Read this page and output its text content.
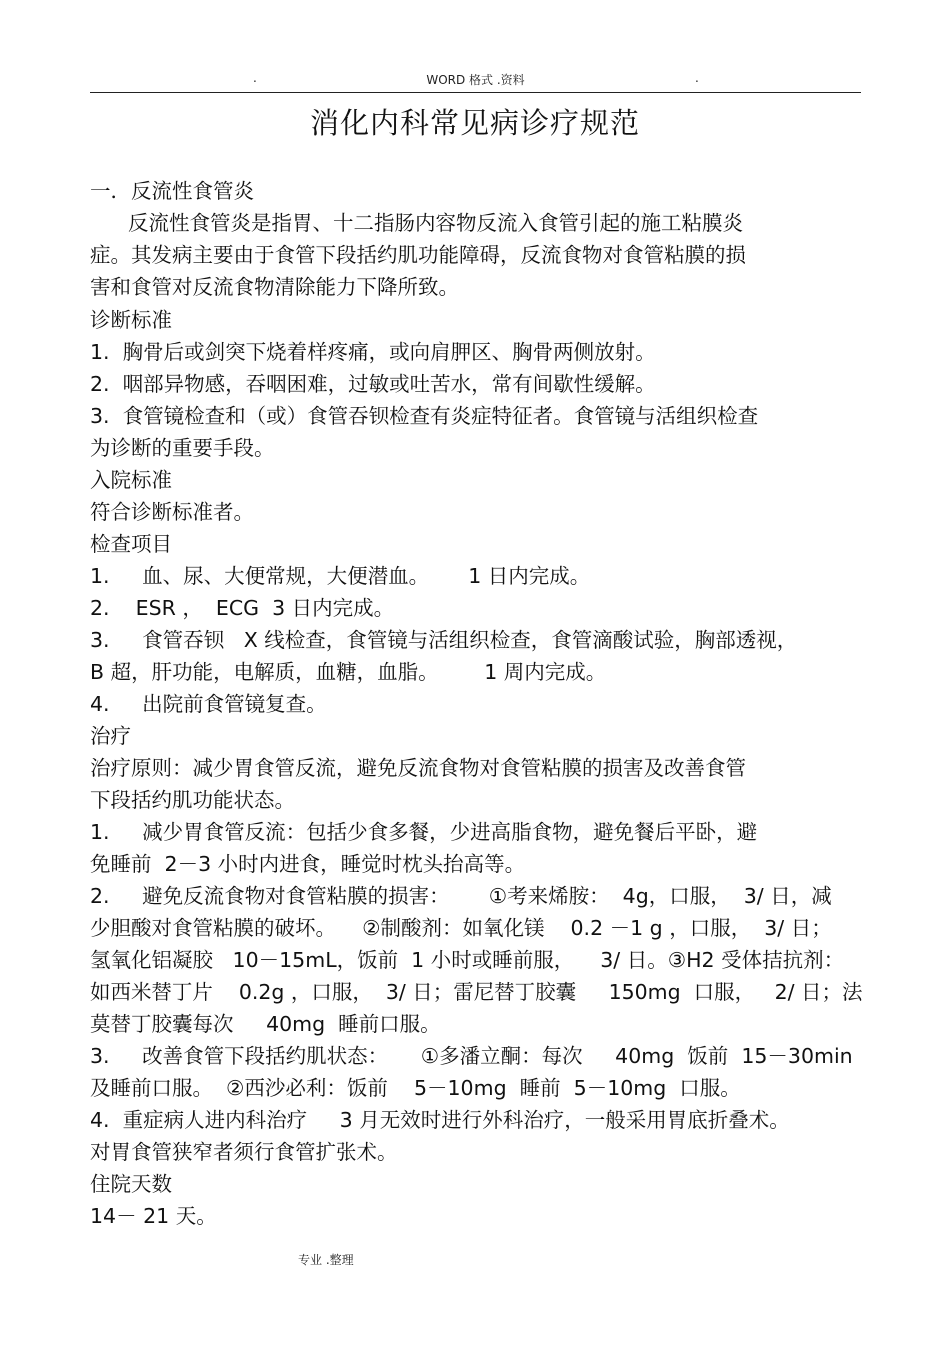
.	WORD 格式 .资料	.
消化内科常见病诊疗规范
一．反流性食管炎
反流性食管炎是指胃、十二指肠内容物反流入食管引起的施工粘膜炎
症。其发病主要由于食管下段括约肌功能障碍，反流食物对食管粘膜的损
害和食管对反流食物清除能力下降所致。
诊断标准
1.  胸骨后或剑突下烧着样疼痛，或向肩胛区、胸骨两侧放射。
2.  咽部异物感，吞咽困难，过敏或吐苦水，常有间歇性缓解。
3.  食管镜检查和（或）食管吞钡检查有炎症特征者。食管镜与活组织检查
为诊断的重要手段。
入院标准
符合诊断标准者。
检查项目
1.     血、尿、大便常规，大便潜血。      1 日内完成。
2.    ESR ，  ECG  3 日内完成。
3.     食管吞钡   X 线检查，食管镜与活组织检查，食管滴酸试验，胸部透视，
B 超，肝功能，电解质，血糖，血脂。       1 周内完成。
4.     出院前食管镜复查。
治疗
治疗原则：减少胃食管反流，避免反流食物对食管粘膜的损害及改善食管
下段括约肌功能状态。
1.     减少胃食管反流：包括少食多餐，少进高脂食物，避免餐后平卧，避
免睡前  2－3 小时内进食，睡觉时枕头抬高等。
2.     避免反流食物对食管粘膜的损害：      ①考来烯胺：  4g，口服，  3/ 日，减
少胆酸对食管粘膜的破坏。    ②制酸剂：如氧化镁    0.2 －1 g ，口服，  3/ 日；
氢氧化铝凝胶   10－15mL，饭前  1 小时或睡前服，    3/ 日。③H2 受体拮抗剂：
如西米替丁片    0.2g ，口服，  3/ 日；雷尼替丁胶囊     150mg  口服，   2/ 日；法
莫替丁胶囊每次     40mg  睡前口服。
3.     改善食管下段括约肌状态：     ①多潘立酮：每次     40mg  饭前  15－30min
及睡前口服。  ②西沙必利：饭前    5－10mg  睡前  5－10mg  口服。
4.  重症病人进内科治疗     3 月无效时进行外科治疗，一般采用胃底折叠术。
对胃食管狭窄者须行食管扩张术。
住院天数
14－ 21 天。
专业 .整理
